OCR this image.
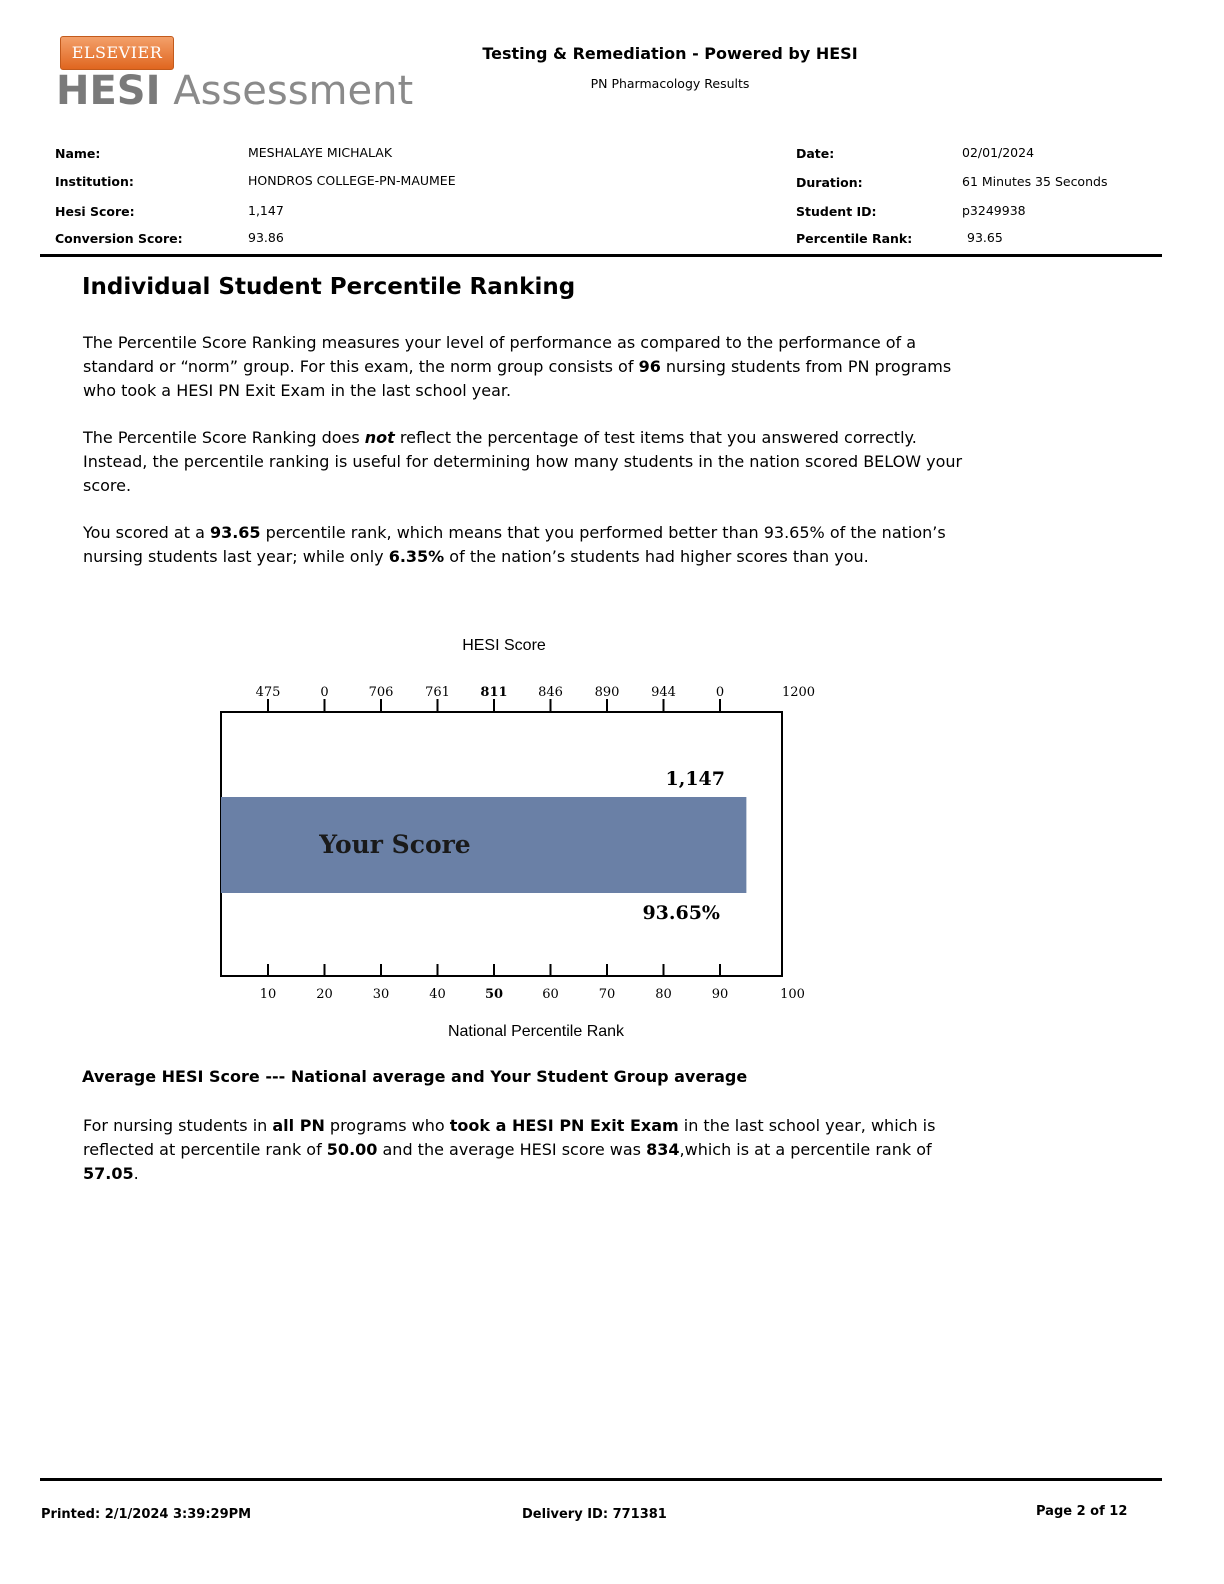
ELSEVIER
HESI Assessment
Testing & Remediation - Powered by HESI
PN Pharmacology Results
Name:	MESHALAYE MICHALAK
Institution:	HONDROS COLLEGE-PN-MAUMEE
Hesi Score:	1,147
Conversion Score:	93.86
Date:	02/01/2024
Duration:	61 Minutes 35 Seconds
Student ID:	p3249938
Percentile Rank:	93.65
Individual Student Percentile Ranking
The Percentile Score Ranking measures your level of performance as compared to the performance of a standard or “norm” group. For this exam, the norm group consists of 96 nursing students from PN programs who took a HESI PN Exit Exam in the last school year.
The Percentile Score Ranking does not reflect the percentage of test items that you answered correctly. Instead, the percentile ranking is useful for determining how many students in the nation scored BELOW your score.
You scored at a 93.65 percentile rank, which means that you performed better than 93.65% of the nation’s nursing students last year; while only 6.35% of the nation’s students had higher scores than you.
HESI Score
475	0	706 761 811 846 890 944	0	1200
10	20	30	40	50	60	70	80	90	100
Your Score
1,147
93.65%
National Percentile Rank
Average HESI Score --- National average and Your Student Group average
For nursing students in all PN programs who took a HESI PN Exit Exam in the last school year, which is reflected at percentile rank of 50.00 and the average HESI score was 834,which is at a percentile rank of 57.05.
Printed: 2/1/2024 3:39:29PM	Delivery ID: 771381	Page 2 of 12
